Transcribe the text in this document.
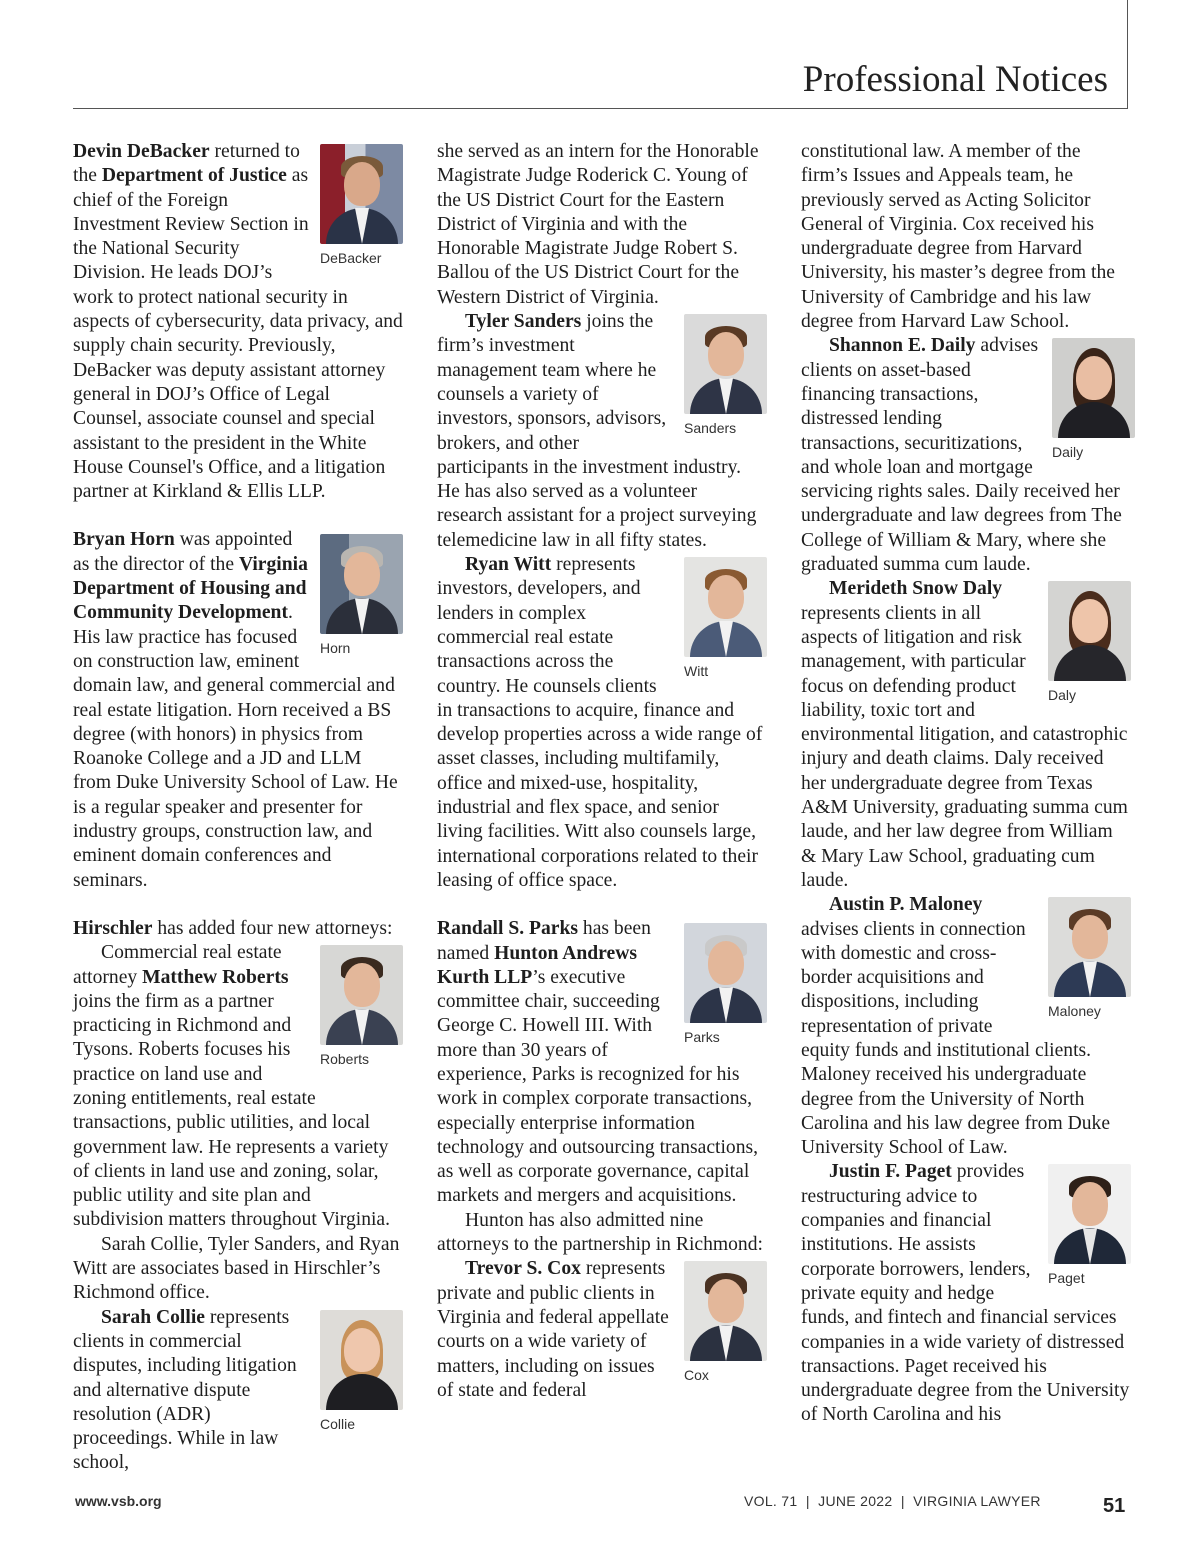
Professional Notices
DeBacker

Devin DeBacker returned to the Department of Justice as chief of the Foreign Investment Review Section in the National Security Division. He leads DOJ’s work to protect national security in aspects of cybersecurity, data privacy, and supply chain security. Previously, DeBacker was deputy assistant attorney general in DOJ’s Office of Legal Counsel, associate counsel and special assistant to the president in the White House Counsel's Office, and a litigation partner at Kirkland & Ellis LLP.

Horn

Bryan Horn was appointed as the director of the Virginia Department of Housing and Community Development. His law practice has focused on construction law, eminent domain law, and general commercial and real estate litigation. Horn received a BS degree (with honors) in physics from Roanoke College and a JD and LLM from Duke University School of Law. He is a regular speaker and presenter for industry groups, construction law, and eminent domain conferences and seminars.

Hirschler has added four new attorneys:

Roberts

Commercial real estate attorney Matthew Roberts joins the firm as a partner practicing in Richmond and Tysons. Roberts focuses his practice on land use and zoning entitlements, real estate transactions, public utilities, and local government law. He represents a variety of clients in land use and zoning, solar, public utility and site plan and subdivision matters throughout Virginia.

Sarah Collie, Tyler Sanders, and Ryan Witt are associates based in Hirschler’s Richmond office.

Collie

Sarah Collie represents clients in commercial disputes, including litigation and alternative dispute resolution (ADR) proceedings. While in law school,

she served as an intern for the Honorable Magistrate Judge Roderick C. Young of the US District Court for the Eastern District of Virginia and with the Honorable Magistrate Judge Robert S. Ballou of the US District Court for the Western District of Virginia.

Sanders

Tyler Sanders joins the firm’s investment management team where he counsels a variety of investors, sponsors, advisors, brokers, and other participants in the investment industry. He has also served as a volunteer research assistant for a project surveying telemedicine law in all fifty states.

Witt

Ryan Witt represents investors, developers, and lenders in complex commercial real estate transactions across the country. He counsels clients in transactions to acquire, finance and develop properties across a wide range of asset classes, including multifamily, office and mixed-use, hospitality, industrial and flex space, and senior living facilities. Witt also counsels large, international corporations related to their leasing of office space.

Parks

Randall S. Parks has been named Hunton Andrews Kurth LLP’s executive committee chair, succeeding George C. Howell III. With more than 30 years of experience, Parks is recognized for his work in complex corporate transactions, especially enterprise information technology and outsourcing transactions, as well as corporate governance, capital markets and mergers and acquisitions.

Hunton has also admitted nine attorneys to the partnership in Richmond:

Cox

Trevor S. Cox represents private and public clients in Virginia and federal appellate courts on a wide variety of matters, including on issues of state and federal

constitutional law. A member of the firm’s Issues and Appeals team, he previously served as Acting Solicitor General of Virginia. Cox received his undergraduate degree from Harvard University, his master’s degree from the University of Cambridge and his law degree from Harvard Law School.

Daily

Shannon E. Daily advises clients on asset-based financing transactions, distressed lending transactions, securitizations, and whole loan and mortgage servicing rights sales. Daily received her undergraduate and law degrees from The College of William & Mary, where she graduated summa cum laude.

Daly

Merideth Snow Daly represents clients in all aspects of litigation and risk management, with particular focus on defending product liability, toxic tort and environmental litigation, and catastrophic injury and death claims. Daly received her undergraduate degree from Texas A&M University, graduating summa cum laude, and her law degree from William & Mary Law School, graduating cum laude.

Maloney

Austin P. Maloney advises clients in connection with domestic and cross-border acquisitions and dispositions, including representation of private equity funds and institutional clients. Maloney received his undergraduate degree from the University of North Carolina and his law degree from Duke University School of Law.

Paget

Justin F. Paget provides restructuring advice to companies and financial institutions. He assists corporate borrowers, lenders, private equity and hedge funds, and fintech and financial services companies in a wide variety of distressed transactions. Paget received his undergraduate degree from the University of North Carolina and his

www.vsb.org	VOL. 71  |  JUNE 2022  |  VIRGINIA LAWYER	51
